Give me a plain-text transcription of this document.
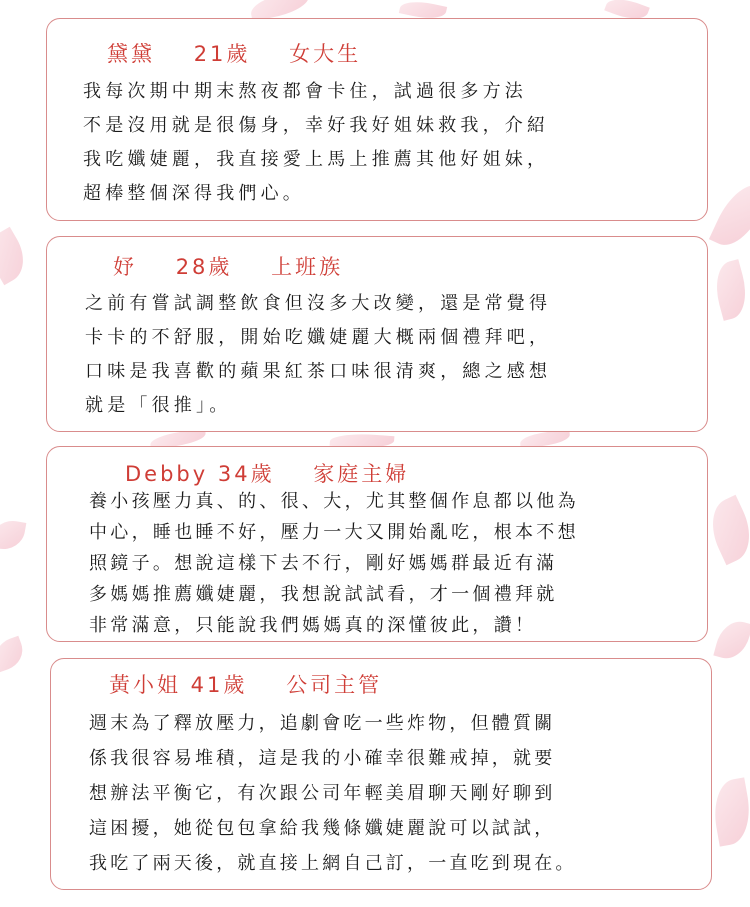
黛黛    21歲    女大生
我每次期中期末熬夜都會卡住，試過很多方法
不是沒用就是很傷身，幸好我好姐妹救我，介紹
我吃孅婕麗，我直接愛上馬上推薦其他好姐妹，
超棒整個深得我們心。
妤    28歲    上班族
之前有嘗試調整飲食但沒多大改變，還是常覺得
卡卡的不舒服，開始吃孅婕麗大概兩個禮拜吧，
口味是我喜歡的蘋果紅茶口味很清爽，總之感想
就是「很推」。
Debby 34歲    家庭主婦
養小孩壓力真、的、很、大，尤其整個作息都以他為
中心，睡也睡不好，壓力一大又開始亂吃，根本不想
照鏡子。想說這樣下去不行，剛好媽媽群最近有滿
多媽媽推薦孅婕麗，我想說試試看，才一個禮拜就
非常滿意，只能說我們媽媽真的深懂彼此，讚！
黃小姐 41歲    公司主管
週末為了釋放壓力，追劇會吃一些炸物，但體質關
係我很容易堆積，這是我的小確幸很難戒掉，就要
想辦法平衡它，有次跟公司年輕美眉聊天剛好聊到
這困擾，她從包包拿給我幾條孅婕麗說可以試試，
我吃了兩天後，就直接上網自己訂，一直吃到現在。
